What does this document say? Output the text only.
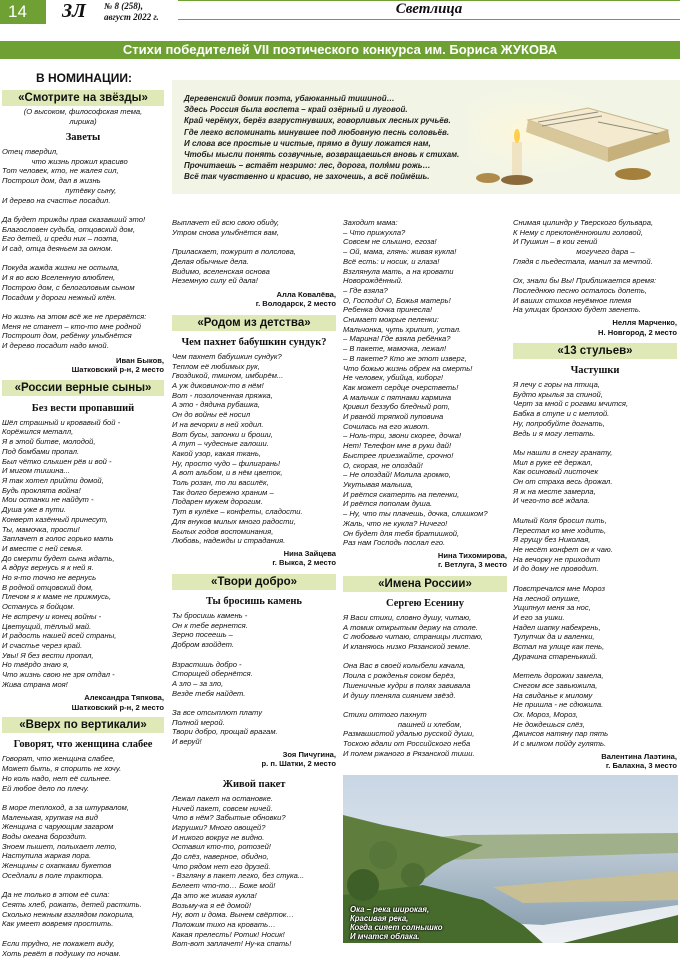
14 ЗЛ № 8 (258),
август 2022 г.	Светлица
Стихи победителей VII поэтического конкурса им. Бориса ЖУКОВА
В НОМИНАЦИИ:
Деревенский домик поэта, убаюканный тишиной…
Здесь Россия была воспета – край озёрный и луговой.
Край черёмух, берёз взгрустнувших, говорливых лесных ручьёв.
Где легко вспоминать минувшее под любовную песнь соловьёв.
И слова все простые и чистые, прямо в душу ложатся нам,
Чтобы мысли понять созвучные, возвращаешься вновь к стихам.
Прочитаешь – встаёт незримо: лес, дорога, поля́ми рожь…
Всё так чувственно и красиво, не захочешь, а всё поймёшь.

«Смотрите на звёзды»

(О высоком, философская тема,
лирика)

Заветы

Отец твердил,
что жизнь прожил красиво
Тот человек, кто, не жалея сил,
Пострoил дом, дал в жизнь
путёвку сыну,
И дерево на счастье посадил.

Да будет трижды прав сказавший это!
Благословен судьба, отцовский дом,
Его детей, и среди них – поэта,
И сад, отца деяньем за окном.

Покуда жажда жизни не остыла,
И я во всю Вселенную влюблен,
Построю дом, с белоголовым сыном
Посадим у дороги нежный клён.

Но жизнь на этом всё же не прервётся:
Меня не станет – кто-то мне родной
Пострoит дом, ребёнку улыбнётся
И дерево посадит надо мной.

Иван Быков,
Шатковский р-н, 2 место

«России верные сыны»

Без вести пропавший

Шёл страшный и кровавый бой -
Корёжился металл,
Я в этой битве, молодой,
Под бомбами пропал.
Был чётко слышен рёв и вой -
И мигом тишина...
Я так хотел прийти домой,
Будь проклята война!
Мои останки не найдут -
Душа уже в пути.
Конверт казённый принесут,
Ты, мамочка, прости!
Заплачет в голос горько мать
И вместе с ней семья.
До смерти будет сына ждать,
А вдруг вернусь я к ней я.
Но я-то точно не вернусь
В родной отцовский дом,
Плечом я к маме не прижмусь,
Останусь я бойцом.
Не встречу и конец войны -
Цветущий, тёплый май.
И радость нашей всей страны,
И счастье через край.
Увы! Я без вести пропал,
Но твёрдо знаю я,
Что жизнь свою не зря отдал -
Жива страна моя!

Александра Тяпкова,
Шатковский р-н, 2 место

«Вверх по вертикали»

Говорят, что женщина слабее

Говорят, что женщина слабее,
Может быть, я спорить не хочу.
Но коль надо, нет её сильнее.
Ей любое дело по плечу.

В море теплоход, а за штурвалом,
Маленькая, хрупкая на вид
Женщина с чарующим загаром
Воды океана бороздит.
Зноем пышет, полыхает лето,
Наступила жаркая пора.
Женщины с охапками букетов
Оседлали в поле трактора.

Да не только в этом её сила:
Сеять хлеб, рожать, детей растить.
Сколько нежным взглядом покорила,
Как умеет вовремя простить.

Если трудно, не покажет виду,
Хоть ревёт в подушку по ночам.

Выплачет ей всю свою обиду,
Утром снова улыбнётся вам,

Приласкает, пожурит в полслова,
Делая обычные дела.
Видимо, вселенская основа
Неземную силу ей дала!

Алла Ковалёва,
г. Володарск, 2 место

«Родом из детства»

Чем пахнет бабушкин сундук?

Чем пахнет бабушкин сундук?
Теплом её любимых рук,
Гвоздикой, тмином, имбирём...
А уж диковинок-то в нём!
Вот - позолоченная пряжка,
А это - дядина рубашка,
Он до войны её носил
И на вечорки в ней ходил.
Вот бусы, запонки и броши,
А тут – чудесные галоши.
Какой узор, какая ткань,
Ну, просто чудо – филигрань!
А вот альбом, и в нём цветок,
Толь розан, то ли василёк,
Так долго бережно храним –
Подарен мужем дорогим.
Тут в кулёке – конфеты, сладости.
Для внуков милых много радости,
Былых годов воспоминания,
Любовь, надежды и страдания.

Нина Зайцева
г. Выкса, 2 место

«Твори добро»

Ты бросишь камень

Ты бросишь камень -
Он к тебе вернется.
Зерно посеешь –
Добром взойдет.

Взрастишь добро -
Сторицей обернётся.
А зло – за зло,
Везде тебя найдет.

За все отсыплют плату
Полной мерой.
Твори добро, прощай врагам.
И веруй!

Зоя Пичугина,
р. п. Шатки, 2 место

Живой пакет

Лежал пакет на остановке.
Ничей пакет, совсем ничей.
Что в нём? Забытые обновки?
Игрушки? Много овощей?
И никого вокруг не видно.
Оставил кто-то, ротозей!
До слёз, наверное, обидно,
Что рядом нет его друзей.
- Взгляну в пакет легко, без стука...
Белеет что-то… Боже мой!
Да это же живая кукла!
Возьму-ка я её домой!
Ну, вот и дома. Вынем свёрток…
Положим тихо на кровать…
Какая прелесть! Ротик! Носик!
Вот-вот заплачет! Ну-ка спать!

Заходит мама:
– Что прижухла?
Совсем не слышно, егоза!
– Ой, мама, глянь: живая кукла!
Всё есть: и носик, и глаза!
Взглянула мать, а на кровати
Новорождённый.
– Где взяла?
О, Господи! О, Божья матерь!
Ребенка дочка принесла!
Снимает мокрые пеленки:
Мальчонка, чуть хрипит, устал.
– Марина! Где взяла ребёнка?
– В пакете, мамочка, лежал!
– В пакете? Кто же этот изверг,
Что божью жизнь обрек на смерть!
Не человек, убийца, киборг!
Как может сердце очерстветь!
А мальчик с пятнами кармина
Кривил беззубо бледный рот,
И рвано́й тряпкой пуповина
Сочилась на его живот.
– Ноль-три, звони скорее, дочка!
Нет! Телефон мне в руки дай!
Быстрее приезжайте, срочно!
О, скорая, не опоздай!
– Не опоздай! Молила громко,
Укутывая малыша,
И рвётся скатерть на пеленки,
И рвётся пополам душа.
– Ну, что ты плачешь, дочка, слишком?
Жаль, что не кукла? Ничего!
Он будет для тебя братишкой,
Раз нам Господь послал его.

Нина Тихомирова,
г. Ветлуга, 3 место

«Имена России»

Сергею Есенину

Я Васи стихи, словно душу, читаю,
А томик открытым держу на столе.
С любовью читаю, страницы листаю,
И кланяюсь низко Рязанской земле.

Она Вас в своей колыбели качала,
Поила с рожденья соком берёз,
Пшеничные кудри в полях завивала
И душу пленяла сиянием звёзд.

Стихи оттого пахнут
пашней и хлебом,
Размашистой удалью русской души,
Тоскою вдали от Российского неба
И полем ржаного в Рязанской тиши.

Снимая цилиндр у Тверского бульвара,
К Нему с преклонённоюили головой,
И Пушкин – в кои гений
могучего дара –
Глядя с пьедестала, манил за мечтой.

Ох, знали бы Вы! Приближается время:
Последнюю песню осталось допеть,
И ваших стихов неуёмное племя
На улицах бронзою будет звенеть.

Нелля Марченко,
Н. Новгород, 2 место

«13 стульев»

Частушки

Я лечу с горы на птица,
Будто крылья за спиной,
Черт за мной с рогами мчится,
Бабка в ступе и с метлой.
Ну, попробуйте догнать,
Ведь и я могу летать.

Мы нашли в снегу гранату,
Мил в руке её держал,
Как осиновый листочек
Он от страха весь дрожал.
Я ж на месте замерла,
И чего-то всё ждала.

Милый Коля бросил пить,
Перестал ко мне ходить,
Я грущу без Николая,
Не несёт конфет он к чаю.
На вечорку не приходит
И до дому не проводит.

Повстречался мне Мороз
На лесной опушке,
Ущипнул меня за нос,
И его за ушки.
Надел шапку набекрень,
Тулупчик да и валенки,
Встал на улице как пень,
Дурачина стареньккий.

Метель дорожки замела,
Снегом все завьюжила,
На свиданье к милому
Не пришла - не сдюжила.
Ох. Мороз, Мороз,
Не дождешься слёз,
Джинсов натяну пар пять
И с милком пойду гулять.

Валентина Лаэтина,
г. Балахна, 3 место

Ока – река широкая,
Красивая река,
Когда сияет солнышко
И мчатся облака.
